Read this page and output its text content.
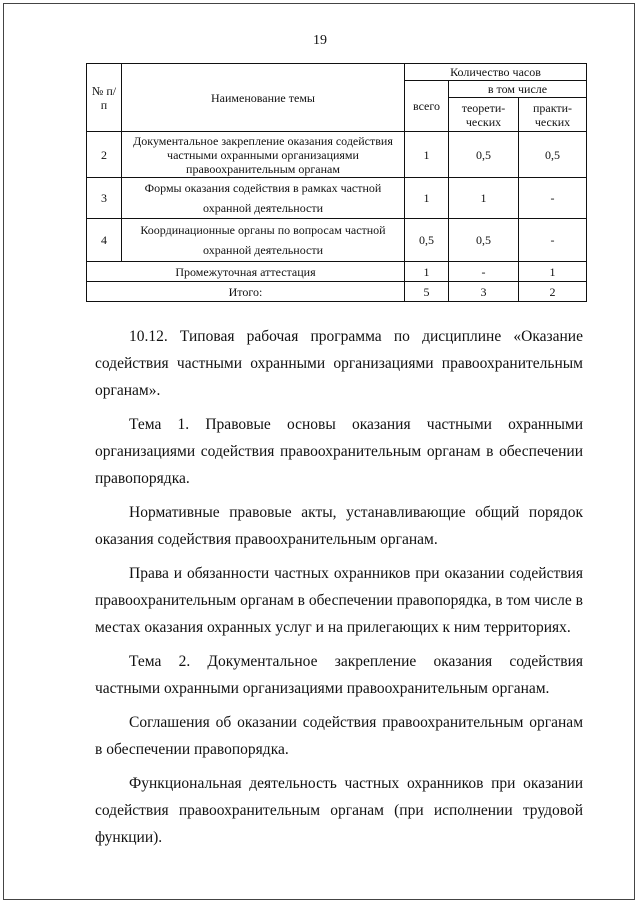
19
№ п/п	Наименование темы	Количество часов		
		всего	в том числе	
			теорети-ческих	практи-ческих
2	Документальное закрепление оказания содействия частными охранными организациями правоохранительным органам	1	0,5	0,5
3	Формы оказания содействия в рамках частной охранной деятельности	1	1	-
4	Координационные органы по вопросам частной охранной деятельности	0,5	0,5	-
Промежуточная аттестация		1	-	1
Итого:		5	3	2

10.12. Типовая рабочая программа по дисциплине «Оказание содействия частными охранными организациями правоохранительным органам».

Тема 1. Правовые основы оказания частными охранными организациями содействия правоохранительным органам в обеспечении правопорядка.

Нормативные правовые акты, устанавливающие общий порядок оказания содействия правоохранительным органам.

Права и обязанности частных охранников при оказании содействия правоохранительным органам в обеспечении правопорядка, в том числе в местах оказания охранных услуг и на прилегающих к ним территориях.

Тема 2. Документальное закрепление оказания содействия частными охранными организациями правоохранительным органам.

Соглашения об оказании содействия правоохранительным органам в обеспечении правопорядка.

Функциональная деятельность частных охранников при оказании содействия правоохранительным органам (при исполнении трудовой функции).
